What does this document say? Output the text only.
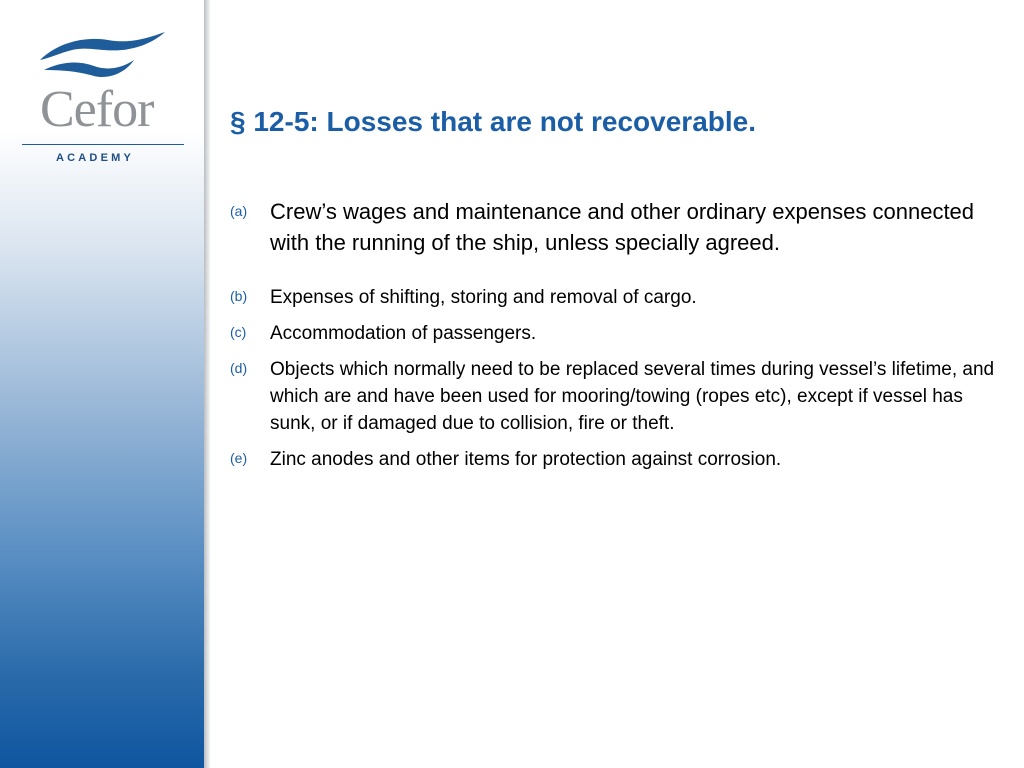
Cefor
ACADEMY
§ 12-5: Losses that are not recoverable.
(a)	Crew’s wages and maintenance and other ordinary expenses connected with the running of the ship, unless specially agreed.
(b)	Expenses of shifting, storing and removal of cargo.
(c)	Accommodation of passengers.
(d)	Objects which normally need to be replaced several times during vessel’s lifetime, and which are and have been used for mooring/towing (ropes etc), except if vessel has sunk, or if damaged due to collision, fire or theft.
(e)	Zinc anodes and other items for protection against corrosion.
